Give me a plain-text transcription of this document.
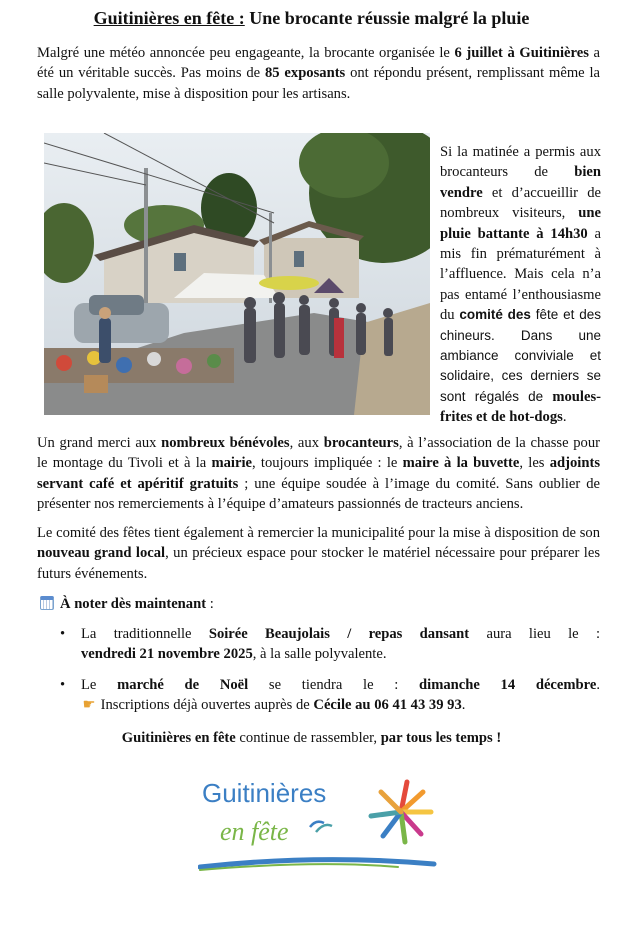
Guitinières en fête : Une brocante réussie malgré la pluie

Malgré une météo annoncée peu engageante, la brocante organisée le 6 juillet à Guitinières a été un véritable succès. Pas moins de 85 exposants ont répondu présent, remplissant même la salle polyvalente, mise à disposition pour les artisans.

Si la matinée a permis aux brocanteurs de bien vendre et d’accueillir de nombreux visiteurs, une pluie battante à 14h30 a mis fin prématurément à l’affluence. Mais cela n’a pas entamé l’enthousiasme du comité des fête et des chineurs. Dans une ambiance conviviale et solidaire, ces derniers se sont régalés de moules-frites et de hot-dogs.

Un grand merci aux nombreux bénévoles, aux brocanteurs, à l’association de la chasse pour le montage du Tivoli et à la mairie, toujours impliquée : le maire à la buvette, les adjoints servant café et apéritif gratuits ; une équipe soudée à l’image du comité. Sans oublier de présenter nos remerciements à l’équipe d’amateurs passionnés de tracteurs anciens.

Le comité des fêtes tient également à remercier la municipalité pour la mise à disposition de son nouveau grand local, un précieux espace pour stocker le matériel nécessaire pour préparer les futurs événements.

À noter dès maintenant :
• La traditionnelle Soirée Beaujolais / repas dansant aura lieu le :
vendredi 21 novembre 2025, à la salle polyvalente.
• Le marché de Noël se tiendra le : dimanche 14 décembre.
☛ Inscriptions déjà ouvertes auprès de Cécile au 06 41 43 39 93.
Guitinières en fête continue de rassembler, par tous les temps !
Guitinières
en fête
